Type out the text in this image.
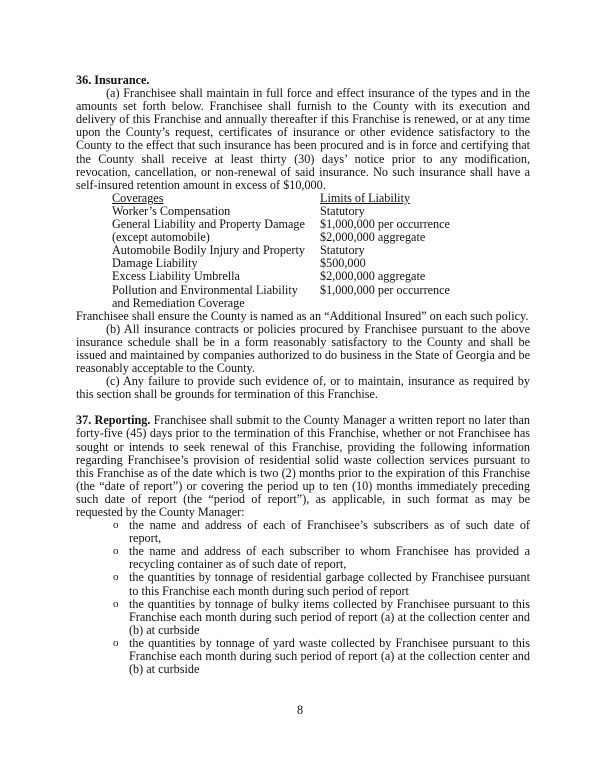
36. Insurance.

(a) Franchisee shall maintain in full force and effect insurance of the types and in the amounts set forth below. Franchisee shall furnish to the County with its execution and delivery of this Franchise and annually thereafter if this Franchise is renewed, or at any time upon the County’s request, certificates of insurance or other evidence satisfactory to the County to the effect that such insurance has been procured and is in force and certifying that the County shall receive at least thirty (30) days’ notice prior to any modification, revocation, cancellation, or non-renewal of said insurance. No such insurance shall have a self-insured retention amount in excess of $10,000.

Coverages	Limits of Liability
Worker’s Compensation	Statutory
General Liability and Property Damage	$1,000,000 per occurrence
(except automobile)	$2,000,000 aggregate
Automobile Bodily Injury and Property	Statutory
Damage Liability	$500,000
Excess Liability Umbrella	$2,000,000 aggregate
Pollution and Environmental Liability	$1,000,000 per occurrence
and Remediation Coverage	

Franchisee shall ensure the County is named as an “Additional Insured” on each such policy.

(b) All insurance contracts or policies procured by Franchisee pursuant to the above insurance schedule shall be in a form reasonably satisfactory to the County and shall be issued and maintained by companies authorized to do business in the State of Georgia and be reasonably acceptable to the County.

(c) Any failure to provide such evidence of, or to maintain, insurance as required by this section shall be grounds for termination of this Franchise.

37. Reporting. Franchisee shall submit to the County Manager a written report no later than forty-five (45) days prior to the termination of this Franchise, whether or not Franchisee has sought or intends to seek renewal of this Franchise, providing the following information regarding Franchisee’s provision of residential solid waste collection services pursuant to this Franchise as of the date which is two (2) months prior to the expiration of this Franchise (the “date of report”) or covering the period up to ten (10) months immediately preceding such date of report (the “period of report”), as applicable, in such format as may be requested by the County Manager:

o the name and address of each of Franchisee’s subscribers as of such date of report,
o the name and address of each subscriber to whom Franchisee has provided a recycling container as of such date of report,
o the quantities by tonnage of residential garbage collected by Franchisee pursuant to this Franchise each month during such period of report
o the quantities by tonnage of bulky items collected by Franchisee pursuant to this Franchise each month during such period of report (a) at the collection center and (b) at curbside
o the quantities by tonnage of yard waste collected by Franchisee pursuant to this Franchise each month during such period of report (a) at the collection center and (b) at curbside
8
